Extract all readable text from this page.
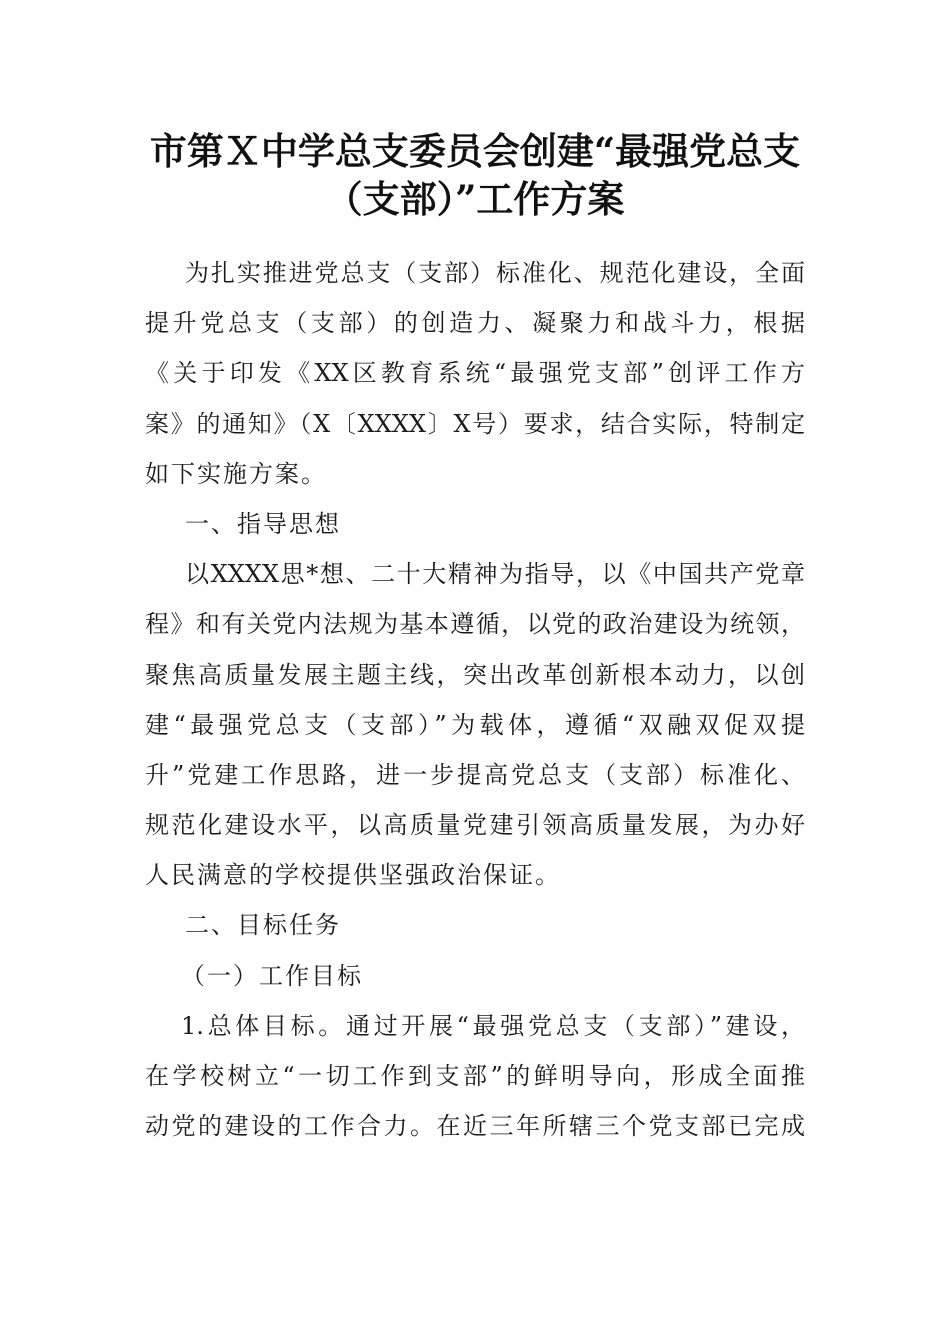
市第Ｘ中学总支委员会创建“最强党总支
（支部）”工作方案
为扎实推进党总支（支部）标准化、规范化建设，全面
提升党总支（支部）的创造力、凝聚力和战斗力，根据
《关于印发《XX区教育系统“最强党支部”创评工作方
案》的通知》（X〔XXXX〕X号）要求，结合实际，特制定
如下实施方案。
一、指导思想
以XXXX思*想、二十大精神为指导，以《中国共产党章
程》和有关党内法规为基本遵循，以党的政治建设为统领，
聚焦高质量发展主题主线，突出改革创新根本动力，以创
建“最强党总支（支部）”为载体，遵循“双融双促双提
升”党建工作思路，进一步提高党总支（支部）标准化、
规范化建设水平，以高质量党建引领高质量发展，为办好
人民满意的学校提供坚强政治保证。
二、目标任务
（一）工作目标
1.总体目标。通过开展“最强党总支（支部）”建设，
在学校树立“一切工作到支部”的鲜明导向，形成全面推
动党的建设的工作合力。在近三年所辖三个党支部已完成
